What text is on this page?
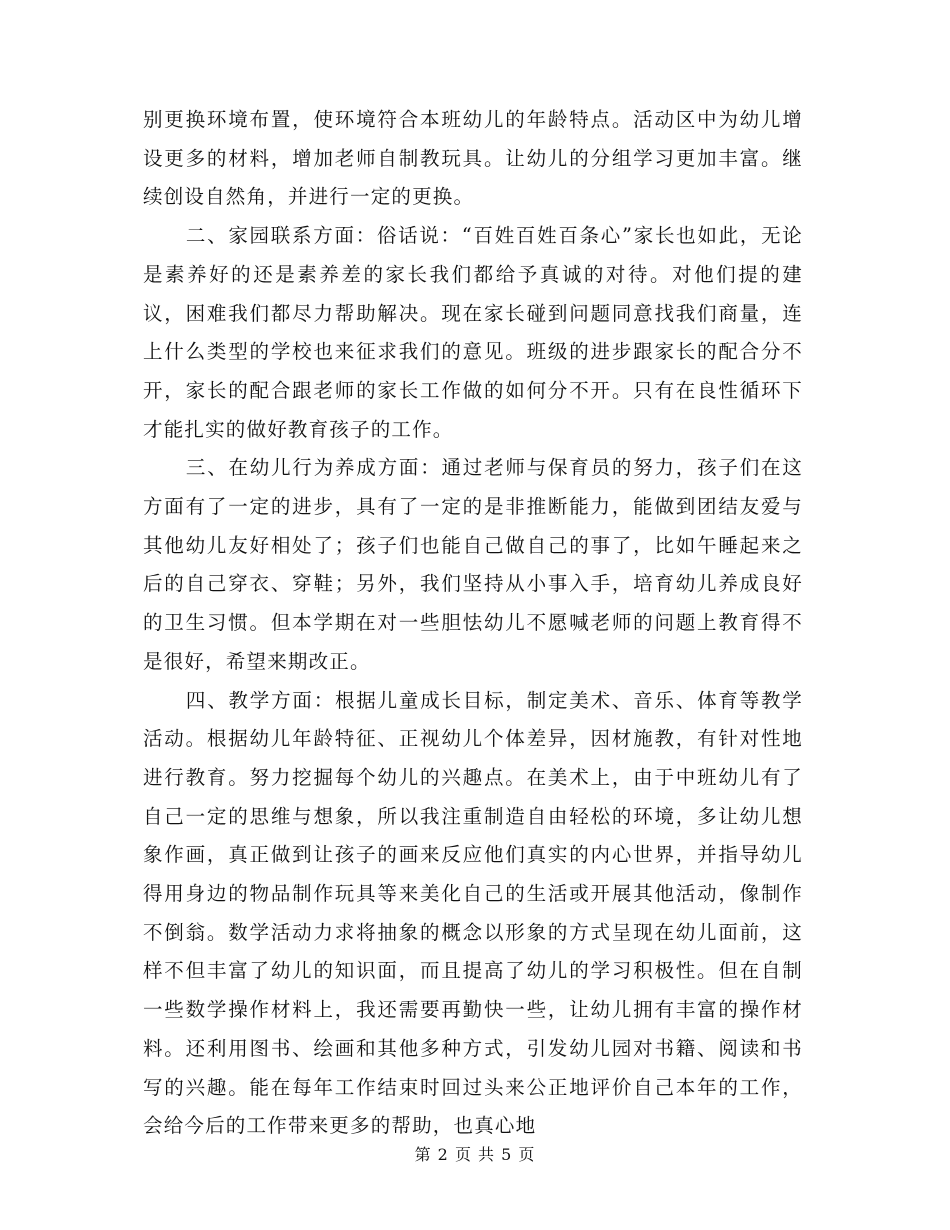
别更换环境布置，使环境符合本班幼儿的年龄特点。活动区中为幼儿增设更多的材料，增加老师自制教玩具。让幼儿的分组学习更加丰富。继续创设自然角，并进行一定的更换。

二、家园联系方面：俗话说：“百姓百姓百条心”家长也如此，无论是素养好的还是素养差的家长我们都给予真诚的对待。对他们提的建议，困难我们都尽力帮助解决。现在家长碰到问题同意找我们商量，连上什么类型的学校也来征求我们的意见。班级的进步跟家长的配合分不开，家长的配合跟老师的家长工作做的如何分不开。只有在良性循环下才能扎实的做好教育孩子的工作。

三、在幼儿行为养成方面：通过老师与保育员的努力，孩子们在这方面有了一定的进步，具有了一定的是非推断能力，能做到团结友爱与其他幼儿友好相处了；孩子们也能自己做自己的事了，比如午睡起来之后的自己穿衣、穿鞋；另外，我们坚持从小事入手，培育幼儿养成良好的卫生习惯。但本学期在对一些胆怯幼儿不愿喊老师的问题上教育得不是很好，希望来期改正。

四、教学方面：根据儿童成长目标，制定美术、音乐、体育等教学活动。根据幼儿年龄特征、正视幼儿个体差异，因材施教，有针对性地进行教育。努力挖掘每个幼儿的兴趣点。在美术上，由于中班幼儿有了自己一定的思维与想象，所以我注重制造自由轻松的环境，多让幼儿想象作画，真正做到让孩子的画来反应他们真实的内心世界，并指导幼儿得用身边的物品制作玩具等来美化自己的生活或开展其他活动，像制作不倒翁。数学活动力求将抽象的概念以形象的方式呈现在幼儿面前，这样不但丰富了幼儿的知识面，而且提高了幼儿的学习积极性。但在自制一些数学操作材料上，我还需要再勤快一些，让幼儿拥有丰富的操作材料。还利用图书、绘画和其他多种方式，引发幼儿园对书籍、阅读和书写的兴趣。能在每年工作结束时回过头来公正地评价自己本年的工作，会给今后的工作带来更多的帮助，也真心地

第 2 页 共 5 页
